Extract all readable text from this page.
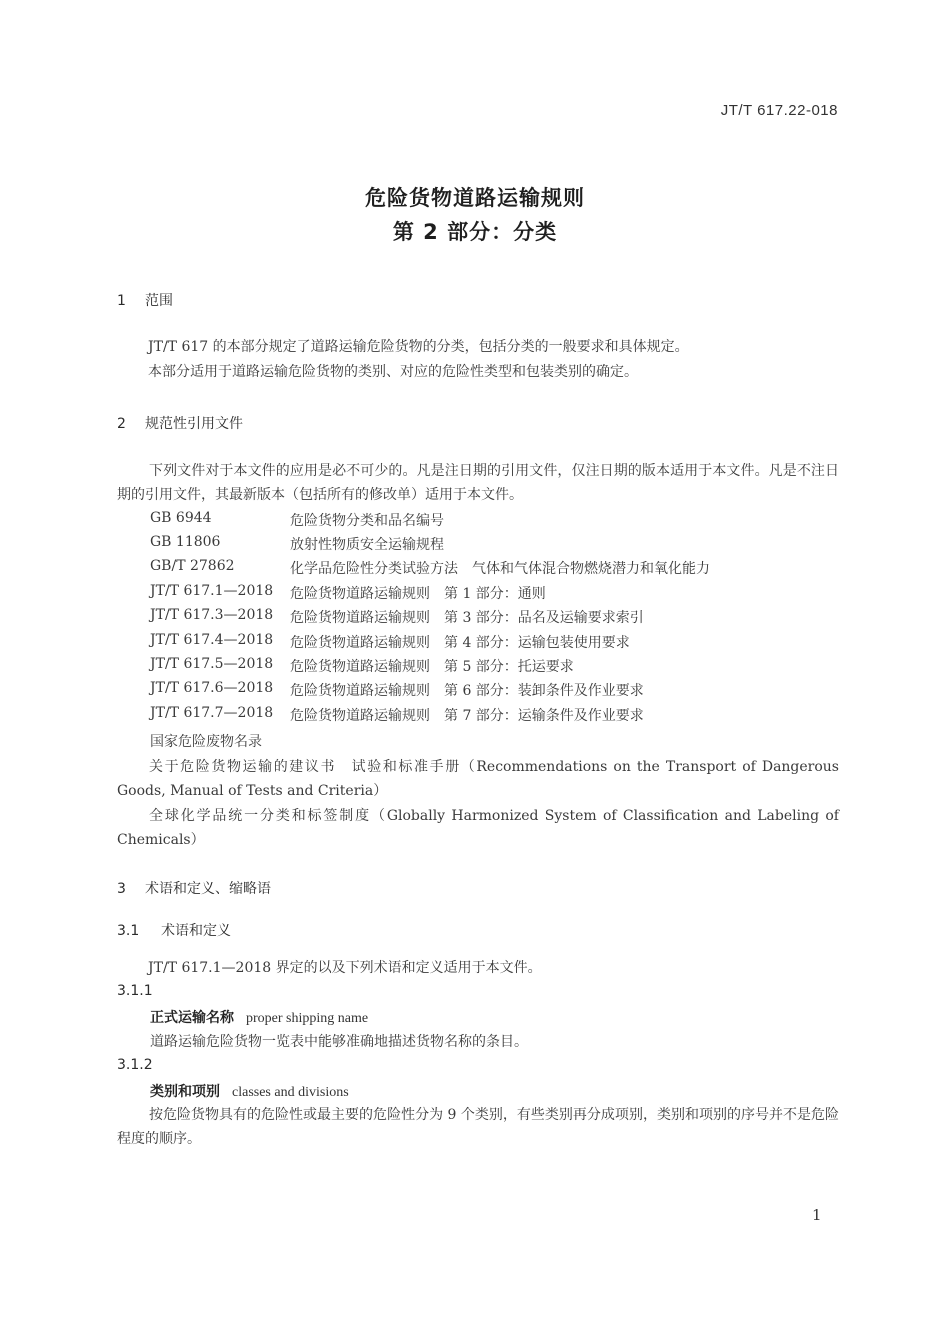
JT/T 617.22-018
危险货物道路运输规则
第 2 部分：分类
1 范围
JT/T 617 的本部分规定了道路运输危险货物的分类，包括分类的一般要求和具体规定。
本部分适用于道路运输危险货物的类别、对应的危险性类型和包装类别的确定。
2 规范性引用文件
下列文件对于本文件的应用是必不可少的。凡是注日期的引用文件，仅注日期的版本适用于本文件。凡是不注日期的引用文件，其最新版本（包括所有的修改单）适用于本文件。
GB 6944	危险货物分类和品名编号
GB 11806	放射性物质安全运输规程
GB/T 27862	化学品危险性分类试验方法　气体和气体混合物燃烧潜力和氧化能力
JT/T 617.1—2018 危险货物道路运输规则　第 1 部分：通则
JT/T 617.3—2018 危险货物道路运输规则　第 3 部分：品名及运输要求索引
JT/T 617.4—2018 危险货物道路运输规则　第 4 部分：运输包装使用要求
JT/T 617.5—2018 危险货物道路运输规则　第 5 部分：托运要求
JT/T 617.6—2018 危险货物道路运输规则　第 6 部分：装卸条件及作业要求
JT/T 617.7—2018 危险货物道路运输规则　第 7 部分：运输条件及作业要求
国家危险废物名录
关于危险货物运输的建议书　试验和标准手册（Recommendations on the Transport of Dangerous Goods, Manual of Tests and Criteria）
全球化学品统一分类和标签制度（Globally Harmonized System of Classification and Labeling of Chemicals）
3 术语和定义、缩略语
3.1 术语和定义
JT/T 617.1—2018 界定的以及下列术语和定义适用于本文件。
3.1.1
正式运输名称 proper shipping name
道路运输危险货物一览表中能够准确地描述货物名称的条目。
3.1.2
类别和项别 classes and divisions
按危险货物具有的危险性或最主要的危险性分为 9 个类别，有些类别再分成项别，类别和项别的序号并不是危险程度的顺序。
1
